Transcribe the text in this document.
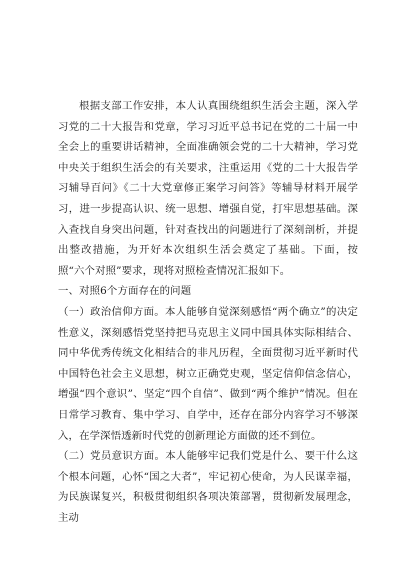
根据支部工作安排，本人认真围绕组织生活会主题，深入学习党的二十大报告和党章，学习习近平总书记在党的二十届一中全会上的重要讲话精神，全面准确领会党的二十大精神，学习党中央关于组织生活会的有关要求，注重运用《党的二十大报告学习辅导百问》《二十大党章修正案学习问答》等辅导材料开展学习，进一步提高认识、统一思想、增强自觉，打牢思想基础。深入查找自身突出问题，针对查找出的问题进行了深刻剖析，并提出整改措施，为开好本次组织生活会奠定了基础。下面，按照“六个对照”要求，现将对照检查情况汇报如下。

一、对照6个方面存在的问题

（一）政治信仰方面。本人能够自觉深刻感悟“两个确立”的决定性意义，深刻感悟党坚持把马克思主义同中国具体实际相结合、同中华优秀传统文化相结合的非凡历程，全面贯彻习近平新时代中国特色社会主义思想，树立正确党史观，坚定信仰信念信心，增强“四个意识”、坚定“四个自信”、做到“两个维护”情况。但在日常学习教育、集中学习、自学中，还存在部分内容学习不够深入，在学深悟透新时代党的创新理论方面做的还不到位。

（二）党员意识方面。本人能够牢记我们党是什么、要干什么这个根本问题，心怀“国之大者”，牢记初心使命，为人民谋幸福，为民族谋复兴，积极贯彻组织各项决策部署，贯彻新发展理念，主动
